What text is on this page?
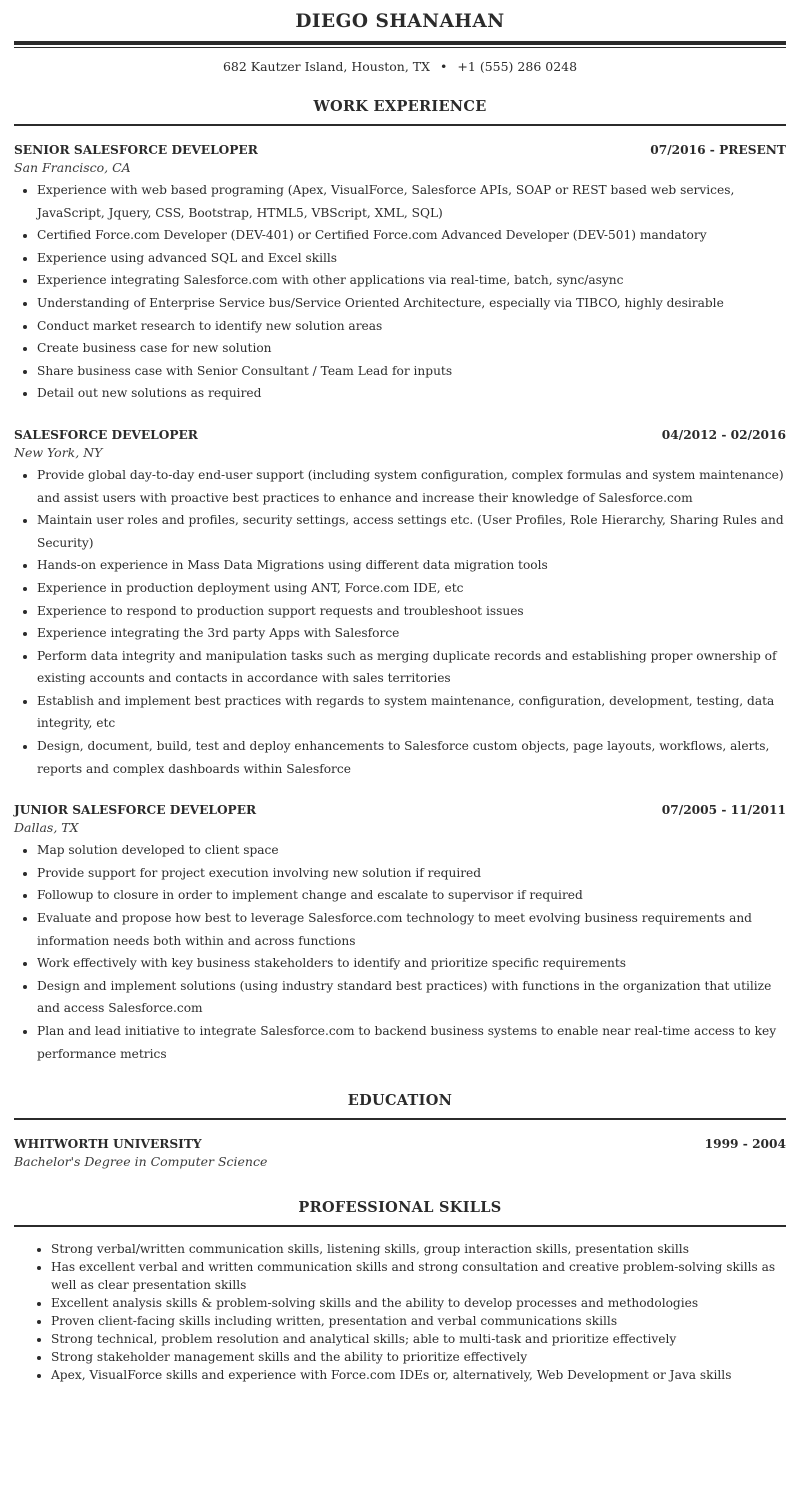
DIEGO SHANAHAN
682 Kautzer Island, Houston, TX • +1 (555) 286 0248
WORK EXPERIENCE
SENIOR SALESFORCE DEVELOPER	07/2016 - PRESENT
San Francisco, CA
• Experience with web based programing (Apex, VisualForce, Salesforce APIs, SOAP or REST based web services, JavaScript, Jquery, CSS, Bootstrap, HTML5, VBScript, XML, SQL)
• Certified Force.com Developer (DEV-401) or Certified Force.com Advanced Developer (DEV-501) mandatory
• Experience using advanced SQL and Excel skills
• Experience integrating Salesforce.com with other applications via real-time, batch, sync/async
• Understanding of Enterprise Service bus/Service Oriented Architecture, especially via TIBCO, highly desirable
• Conduct market research to identify new solution areas
• Create business case for new solution
• Share business case with Senior Consultant / Team Lead for inputs
• Detail out new solutions as required
SALESFORCE DEVELOPER	04/2012 - 02/2016
New York, NY
• Provide global day-to-day end-user support (including system configuration, complex formulas and system maintenance) and assist users with proactive best practices to enhance and increase their knowledge of Salesforce.com
• Maintain user roles and profiles, security settings, access settings etc. (User Profiles, Role Hierarchy, Sharing Rules and Security)
• Hands-on experience in Mass Data Migrations using different data migration tools
• Experience in production deployment using ANT, Force.com IDE, etc
• Experience to respond to production support requests and troubleshoot issues
• Experience integrating the 3rd party Apps with Salesforce
• Perform data integrity and manipulation tasks such as merging duplicate records and establishing proper ownership of existing accounts and contacts in accordance with sales territories
• Establish and implement best practices with regards to system maintenance, configuration, development, testing, data integrity, etc
• Design, document, build, test and deploy enhancements to Salesforce custom objects, page layouts, workflows, alerts, reports and complex dashboards within Salesforce
JUNIOR SALESFORCE DEVELOPER	07/2005 - 11/2011
Dallas, TX
• Map solution developed to client space
• Provide support for project execution involving new solution if required
• Followup to closure in order to implement change and escalate to supervisor if required
• Evaluate and propose how best to leverage Salesforce.com technology to meet evolving business requirements and information needs both within and across functions
• Work effectively with key business stakeholders to identify and prioritize specific requirements
• Design and implement solutions (using industry standard best practices) with functions in the organization that utilize and access Salesforce.com
• Plan and lead initiative to integrate Salesforce.com to backend business systems to enable near real-time access to key performance metrics
EDUCATION
WHITWORTH UNIVERSITY	1999 - 2004
Bachelor's Degree in Computer Science
PROFESSIONAL SKILLS
• Strong verbal/written communication skills, listening skills, group interaction skills, presentation skills
• Has excellent verbal and written communication skills and strong consultation and creative problem-solving skills as well as clear presentation skills
• Excellent analysis skills & problem-solving skills and the ability to develop processes and methodologies
• Proven client-facing skills including written, presentation and verbal communications skills
• Strong technical, problem resolution and analytical skills; able to multi-task and prioritize effectively
• Strong stakeholder management skills and the ability to prioritize effectively
• Apex, VisualForce skills and experience with Force.com IDEs or, alternatively, Web Development or Java skills
